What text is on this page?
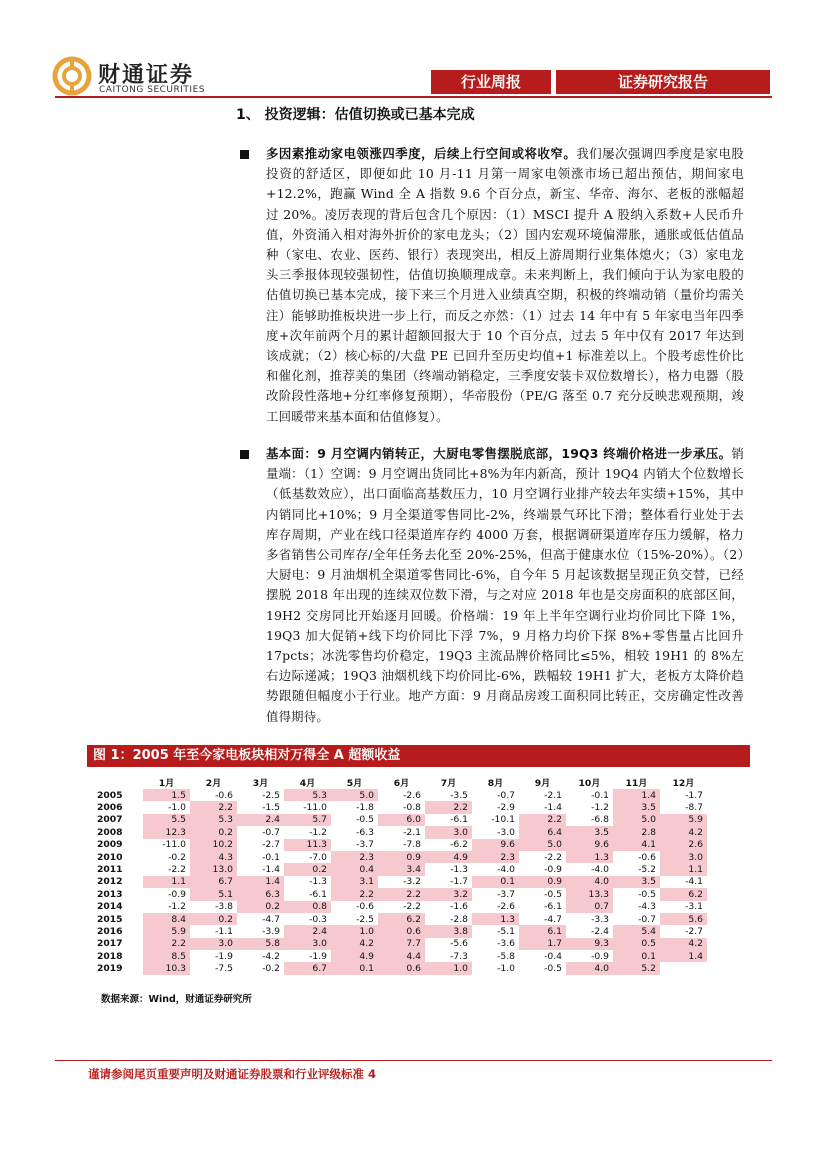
财通证券
CAITONG SECURITIES	行业周报	证券研究报告
1、 投资逻辑：估值切换或已基本完成
多因素推动家电领涨四季度，后续上行空间或将收窄。我们屡次强调四季度是家电股投资的舒适区，即便如此 10 月-11 月第一周家电领涨市场已超出预估，期间家电+12.2%，跑赢 Wind 全 A 指数 9.6 个百分点，新宝、华帝、海尔、老板的涨幅超过 20%。凌厉表现的背后包含几个原因：（1）MSCI 提升 A 股纳入系数+人民币升值，外资涌入相对海外折价的家电龙头；（2）国内宏观环境偏滞胀，通胀或低估值品种（家电、农业、医药、银行）表现突出，相反上游周期行业集体熄火；（3）家电龙头三季报体现较强韧性，估值切换顺理成章。未来判断上，我们倾向于认为家电股的估值切换已基本完成，接下来三个月进入业绩真空期，积极的终端动销（量价均需关注）能够助推板块进一步上行，而反之亦然：（1）过去 14 年中有 5 年家电当年四季度+次年前两个月的累计超额回报大于 10 个百分点，过去 5 年中仅有 2017 年达到该成就；（2）核心标的/大盘 PE 已回升至历史均值+1 标准差以上。个股考虑性价比和催化剂，推荐美的集团（终端动销稳定，三季度安装卡双位数增长），格力电器（股改阶段性落地+分红率修复预期），华帝股份（PE/G 落至 0.7 充分反映悲观预期，竣工回暖带来基本面和估值修复）。
基本面：9 月空调内销转正，大厨电零售摆脱底部，19Q3 终端价格进一步承压。销量端：（1）空调：9 月空调出货同比+8%为年内新高，预计 19Q4 内销大个位数增长（低基数效应），出口面临高基数压力，10 月空调行业排产较去年实绩+15%，其中内销同比+10%；9 月全渠道零售同比-2%，终端景气环比下滑；整体看行业处于去库存周期，产业在线口径渠道库存约 4000 万套，根据调研渠道库存压力缓解，格力多省销售公司库存/全年任务去化至 20%-25%，但高于健康水位（15%-20%）。（2）大厨电：9 月油烟机全渠道零售同比-6%，自今年 5 月起该数据呈现正负交替，已经摆脱 2018 年出现的连续双位数下滑，与之对应 2018 年也是交房面积的底部区间，19H2 交房同比开始逐月回暖。价格端：19 年上半年空调行业均价同比下降 1%，19Q3 加大促销+线下均价同比下浮 7%，9 月格力均价下探 8%+零售量占比回升 17pcts；冰洗零售均价稳定，19Q3 主流品牌价格同比≤5%，相较 19H1 的 8%左右边际递减；19Q3 油烟机线下均价同比-6%，跌幅较 19H1 扩大，老板方太降价趋势跟随但幅度小于行业。地产方面：9 月商品房竣工面积同比转正，交房确定性改善值得期待。
图 1：2005 年至今家电板块相对万得全 A 超额收益
	1月	2月	3月	4月	5月	6月	7月	8月	9月	10月	11月	12月
2005	1.5	-0.6	-2.5	5.3	5.0	-2.6	-3.5	-0.7	-2.1	-0.1	1.4	-1.7
2006	-1.0	2.2	-1.5	-11.0	-1.8	-0.8	2.2	-2.9	-1.4	-1.2	3.5	-8.7
2007	5.5	5.3	2.4	5.7	-0.5	6.0	-6.1	-10.1	2.2	-6.8	5.0	5.9
2008	12.3	0.2	-0.7	-1.2	-6.3	-2.1	3.0	-3.0	6.4	3.5	2.8	4.2
2009	-11.0	10.2	-2.7	11.3	-3.7	-7.8	-6.2	9.6	5.0	9.6	4.1	2.6
2010	-0.2	4.3	-0.1	-7.0	2.3	0.9	4.9	2.3	-2.2	1.3	-0.6	3.0
2011	-2.2	13.0	-1.4	0.2	0.4	3.4	-1.3	-4.0	-0.9	-4.0	-5.2	1.1
2012	1.1	6.7	1.4	-1.3	3.1	-3.2	-1.7	0.1	0.9	4.0	3.5	-4.1
2013	-0.9	5.1	6.3	-6.1	2.2	2.2	3.2	-3.7	-0.5	13.3	-0.5	6.2
2014	-1.2	-3.8	0.2	0.8	-0.6	-2.2	-1.6	-2.6	-6.1	0.7	-4.3	-3.1
2015	8.4	0.2	-4.7	-0.3	-2.5	6.2	-2.8	1.3	-4.7	-3.3	-0.7	5.6
2016	5.9	-1.1	-3.9	2.4	1.0	0.6	3.8	-5.1	6.1	-2.4	5.4	-2.7
2017	2.2	3.0	5.8	3.0	4.2	7.7	-5.6	-3.6	1.7	9.3	0.5	4.2
2018	8.5	-1.9	-4.2	-1.9	4.9	4.4	-7.3	-5.8	-0.4	-0.9	0.1	1.4
2019	10.3	-7.5	-0.2	6.7	0.1	0.6	1.0	-1.0	-0.5	4.0	5.2	
数据来源：Wind，财通证券研究所
谨请参阅尾页重要声明及财通证券股票和行业评级标准 4
